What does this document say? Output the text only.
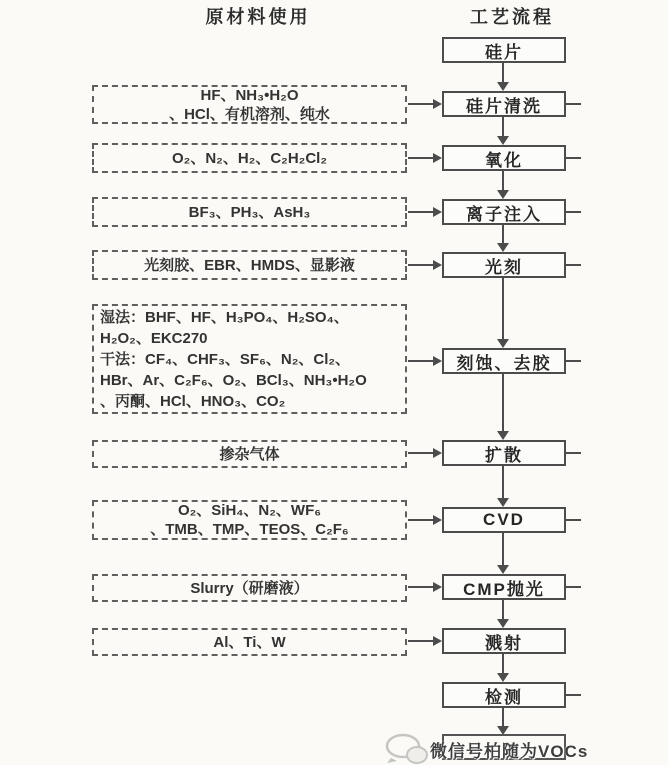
原材料使用	工艺流程
硅片
硅片清洗
氧化
离子注入
光刻
刻蚀、去胶
扩散
CVD
CMP抛光
溅射
检测
HF、NH₃•H₂O
、HCl、有机溶剂、纯水
O₂、N₂、H₂、C₂H₂Cl₂
BF₃、PH₃、AsH₃
光刻胶、EBR、HMDS、显影液
湿法：BHF、HF、H₃PO₄、H₂SO₄、
H₂O₂、EKC270
干法：CF₄、CHF₃、SF₆、N₂、Cl₂、
HBr、Ar、C₂F₆、O₂、BCl₃、NH₃•H₂O
、丙酮、HCl、HNO₃、CO₂
掺杂气体
O₂、SiH₄、N₂、WF₆
、TMB、TMP、TEOS、C₂F₆
Slurry（研磨液）
Al、Ti、W
微信号柏随为VOCs
